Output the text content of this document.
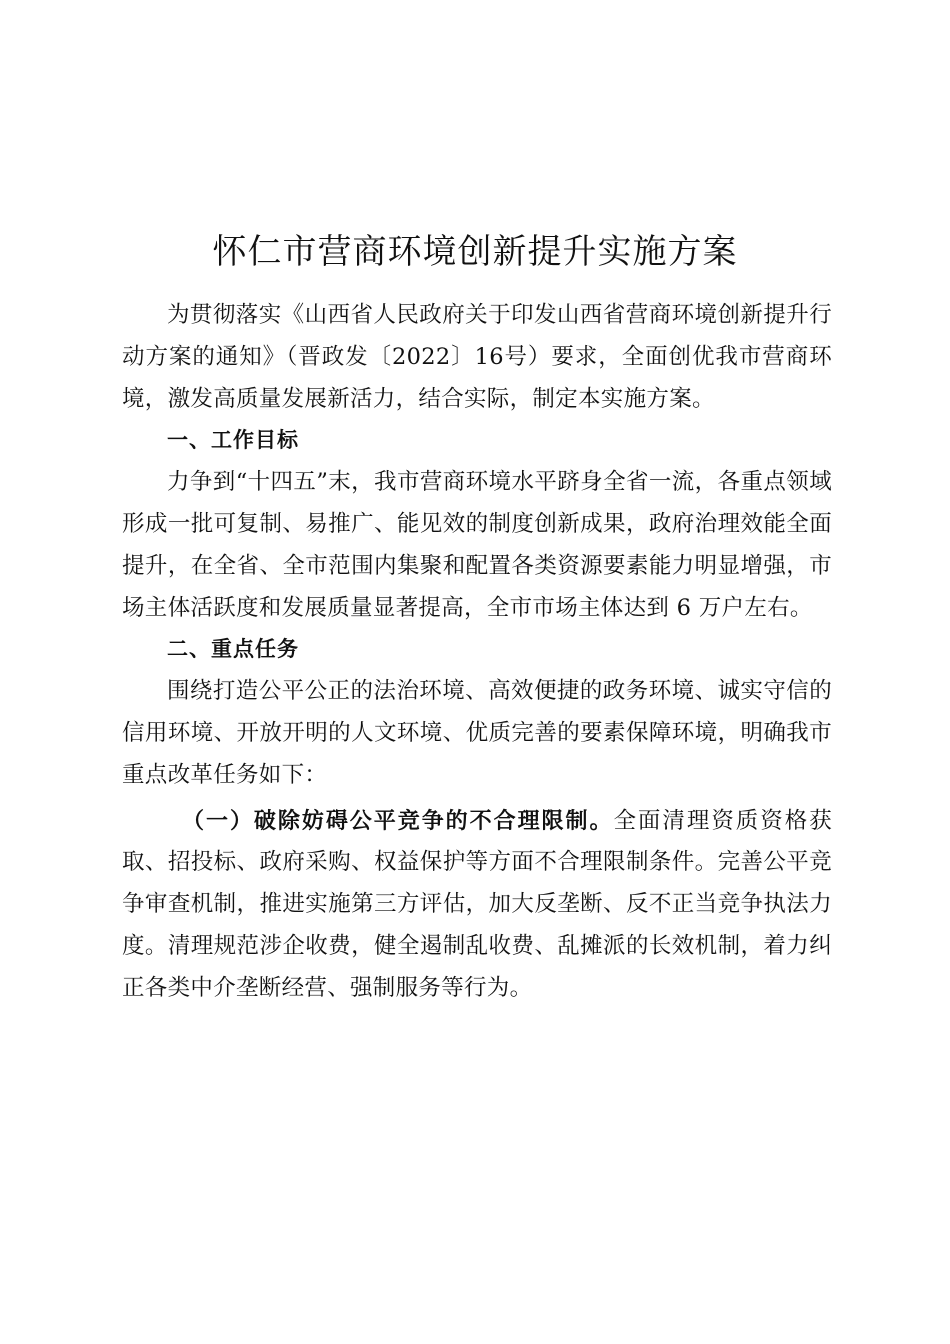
怀仁市营商环境创新提升实施方案

为贯彻落实《山西省人民政府关于印发山西省营商环境创新提升行动方案的通知》（晋政发〔2022〕16号）要求，全面创优我市营商环境，激发高质量发展新活力，结合实际，制定本实施方案。

一、工作目标

力争到“十四五”末，我市营商环境水平跻身全省一流，各重点领域形成一批可复制、易推广、能见效的制度创新成果，政府治理效能全面提升，在全省、全市范围内集聚和配置各类资源要素能力明显增强，市场主体活跃度和发展质量显著提高，全市市场主体达到 6 万户左右。

二、重点任务

围绕打造公平公正的法治环境、高效便捷的政务环境、诚实守信的信用环境、开放开明的人文环境、优质完善的要素保障环境，明确我市重点改革任务如下：

（一）破除妨碍公平竞争的不合理限制。全面清理资质资格获取、招投标、政府采购、权益保护等方面不合理限制条件。完善公平竞争审查机制，推进实施第三方评估，加大反垄断、反不正当竞争执法力度。清理规范涉企收费，健全遏制乱收费、乱摊派的长效机制，着力纠正各类中介垄断经营、强制服务等行为。
